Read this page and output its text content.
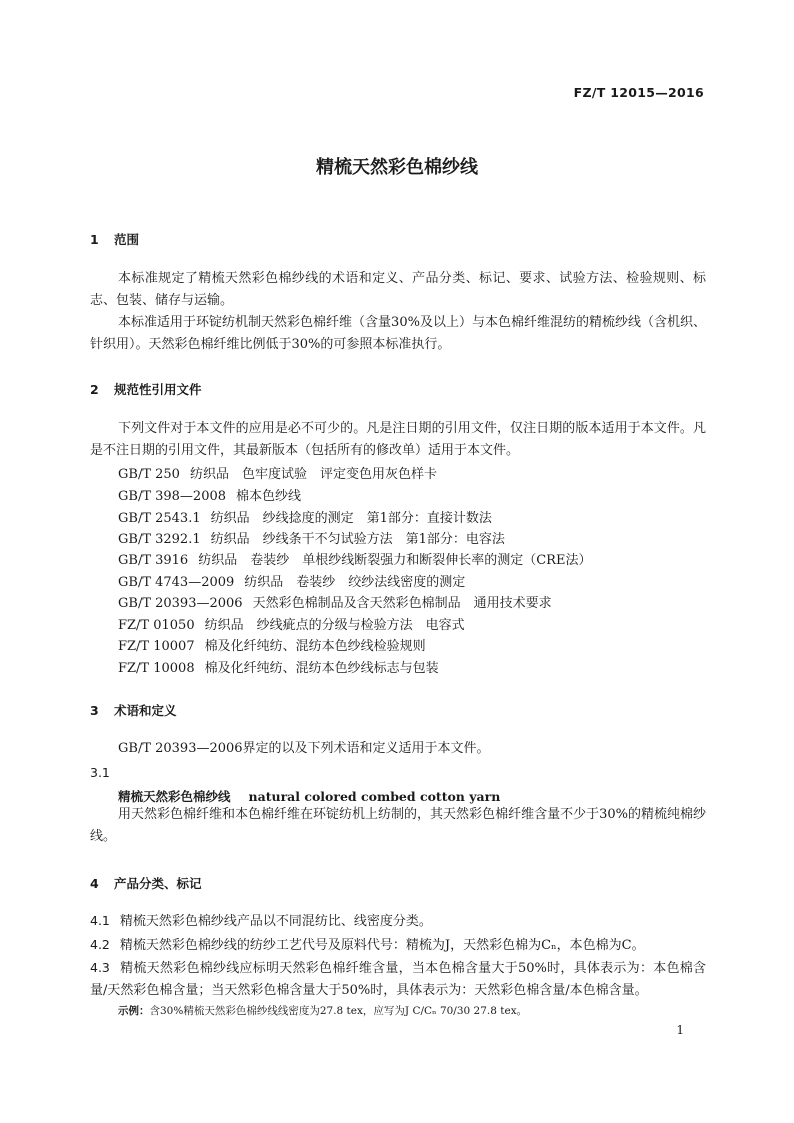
FZ/T 12015—2016
精梳天然彩色棉纱线
1 范围

本标准规定了精梳天然彩色棉纱线的术语和定义、产品分类、标记、要求、试验方法、检验规则、标志、包装、储存与运输。

本标准适用于环锭纺机制天然彩色棉纤维（含量30%及以上）与本色棉纤维混纺的精梳纱线（含机织、针织用）。天然彩色棉纤维比例低于30%的可参照本标准执行。

2 规范性引用文件

下列文件对于本文件的应用是必不可少的。凡是注日期的引用文件，仅注日期的版本适用于本文件。凡是不注日期的引用文件，其最新版本（包括所有的修改单）适用于本文件。

GB/T 250 纺织品　色牢度试验　评定变色用灰色样卡
GB/T 398—2008 棉本色纱线
GB/T 2543.1 纺织品　纱线捻度的测定　第1部分：直接计数法
GB/T 3292.1 纺织品　纱线条干不匀试验方法　第1部分：电容法
GB/T 3916 纺织品　卷装纱　单根纱线断裂强力和断裂伸长率的测定（CRE法）
GB/T 4743—2009 纺织品　卷装纱　绞纱法线密度的测定
GB/T 20393—2006 天然彩色棉制品及含天然彩色棉制品　通用技术要求
FZ/T 01050 纺织品　纱线疵点的分级与检验方法　电容式
FZ/T 10007 棉及化纤纯纺、混纺本色纱线检验规则
FZ/T 10008 棉及化纤纯纺、混纺本色纱线标志与包装
3 术语和定义

GB/T 20393—2006界定的以及下列术语和定义适用于本文件。

3.1
精梳天然彩色棉纱线 natural colored combed cotton yarn

用天然彩色棉纤维和本色棉纤维在环锭纺机上纺制的，其天然彩色棉纤维含量不少于30%的精梳纯棉纱线。

4 产品分类、标记

4.1 精梳天然彩色棉纱线产品以不同混纺比、线密度分类。

4.2 精梳天然彩色棉纱线的纺纱工艺代号及原料代号：精梳为J，天然彩色棉为Cₙ，本色棉为C。

4.3 精梳天然彩色棉纱线应标明天然彩色棉纤维含量，当本色棉含量大于50%时，具体表示为：本色棉含量/天然彩色棉含量；当天然彩色棉含量大于50%时，具体表示为：天然彩色棉含量/本色棉含量。

示例：含30%精梳天然彩色棉纱线线密度为27.8 tex，应写为J C/Cₙ 70/30 27.8 tex。
1
